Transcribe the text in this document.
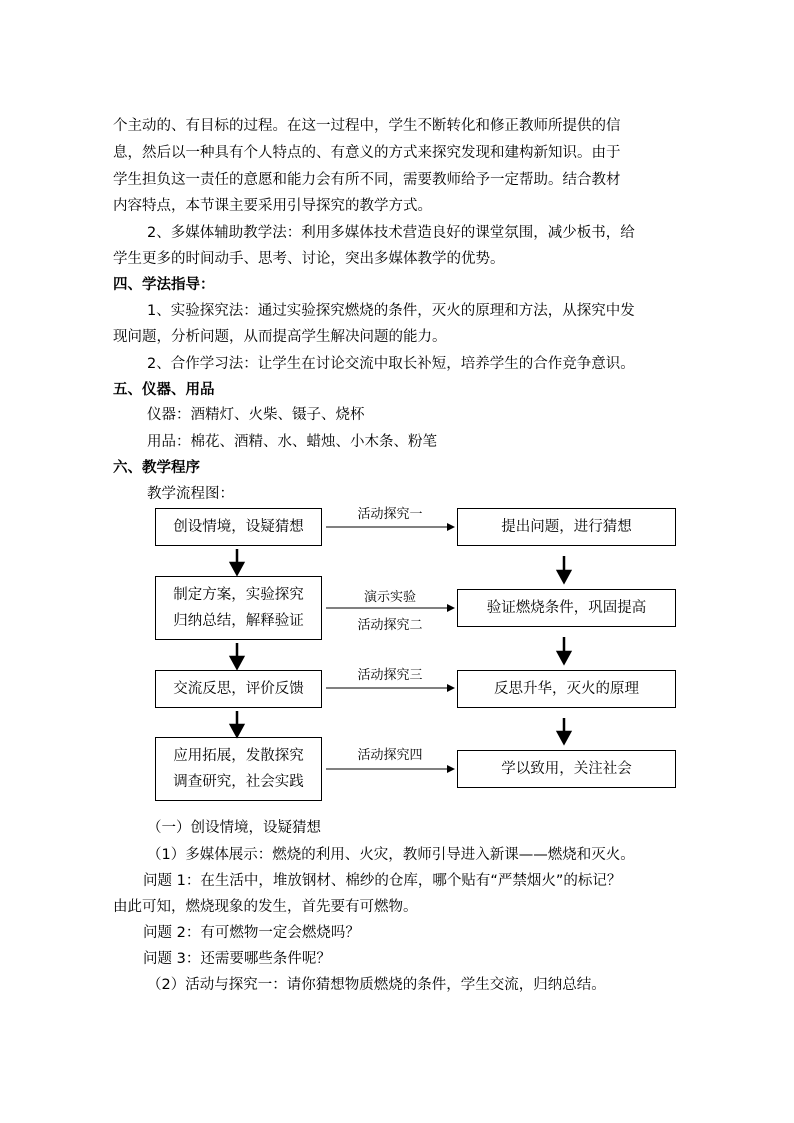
个主动的、有目标的过程。在这一过程中，学生不断转化和修正教师所提供的信
息，然后以一种具有个人特点的、有意义的方式来探究发现和建构新知识。由于
学生担负这一责任的意愿和能力会有所不同，需要教师给予一定帮助。结合教材
内容特点，本节课主要采用引导探究的教学方式。
2、多媒体辅助教学法：利用多媒体技术营造良好的课堂氛围，减少板书，给
学生更多的时间动手、思考、讨论，突出多媒体教学的优势。
四、学法指导：
1、实验探究法：通过实验探究燃烧的条件，灭火的原理和方法，从探究中发
现问题，分析问题，从而提高学生解决问题的能力。
2、合作学习法：让学生在讨论交流中取长补短，培养学生的合作竞争意识。
五、仪器、用品
仪器：酒精灯、火柴、镊子、烧杯
用品：棉花、酒精、水、蜡烛、小木条、粉笔
六、教学程序
教学流程图：
创设情境，设疑猜想
制定方案，实验探究
归纳总结，解释验证
交流反思，评价反馈
应用拓展，发散探究
调查研究，社会实践
提出问题，进行猜想
验证燃烧条件，巩固提高
反思升华，灭火的原理
学以致用，关注社会
活动探究一
演示实验
活动探究二
活动探究三
活动探究四
（一）创设情境，设疑猜想
（1）多媒体展示：燃烧的利用、火灾，教师引导进入新课——燃烧和灭火。
问题 1：在生活中，堆放钢材、棉纱的仓库，哪个贴有“严禁烟火”的标记？
由此可知，燃烧现象的发生，首先要有可燃物。
问题 2：有可燃物一定会燃烧吗？
问题 3：还需要哪些条件呢？
（2）活动与探究一：请你猜想物质燃烧的条件，学生交流，归纳总结。
